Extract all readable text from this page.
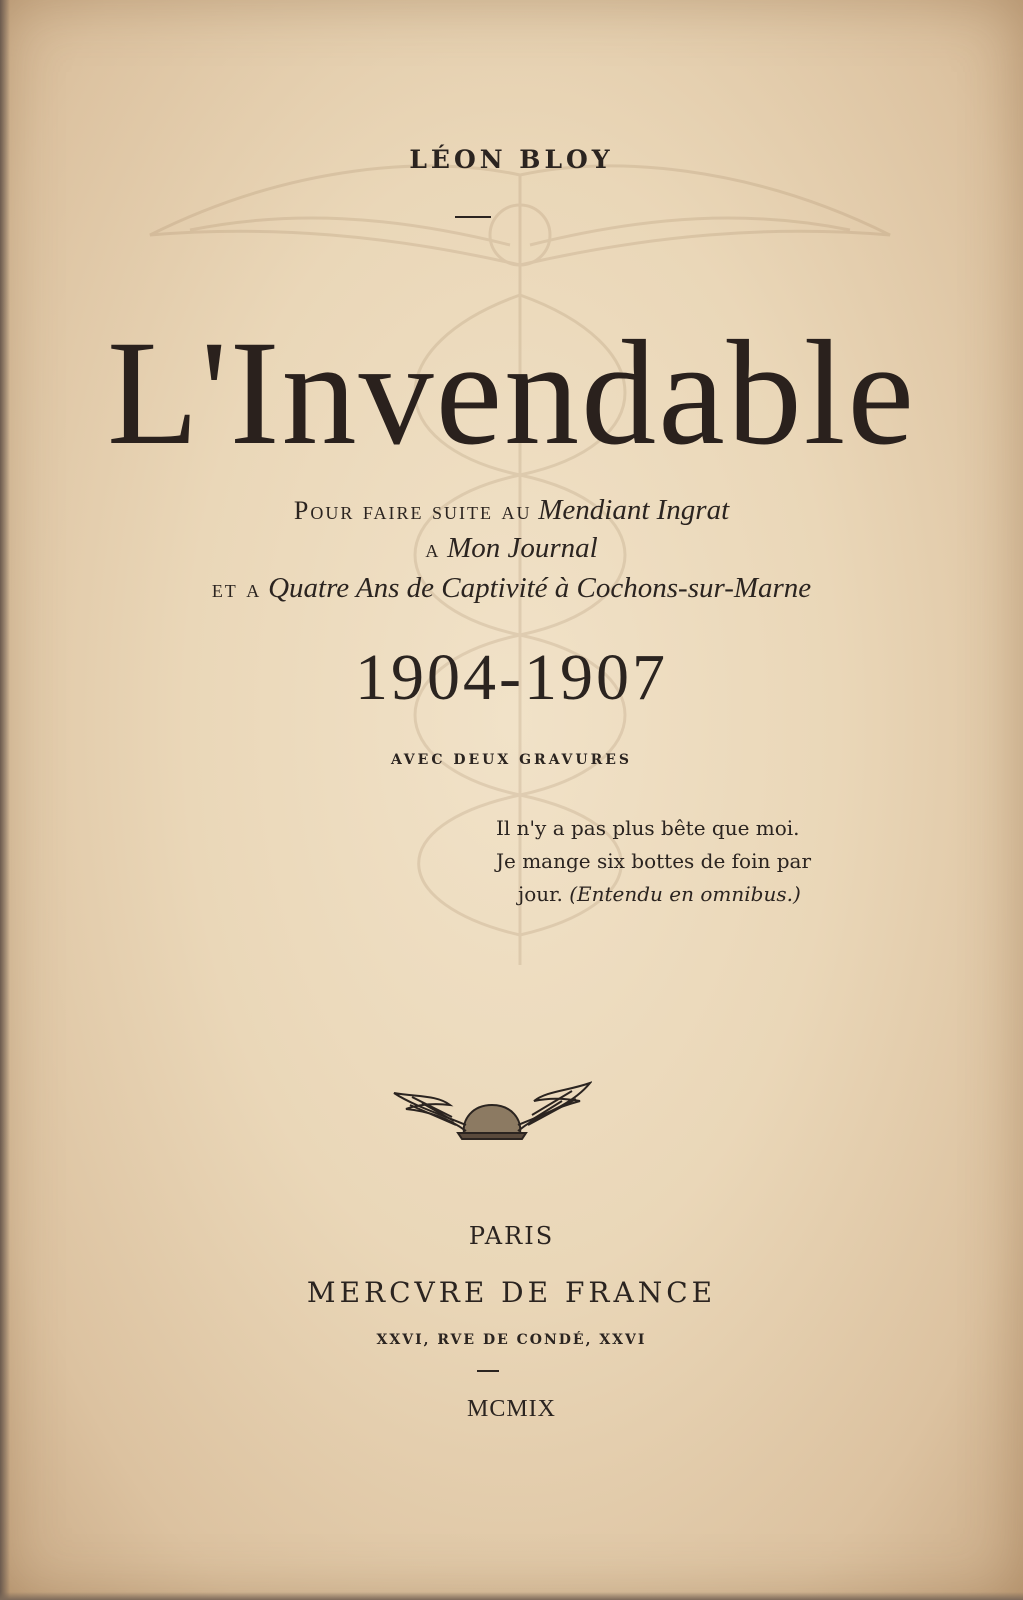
LÉON BLOY
L'Invendable
Pour faire suite au Mendiant Ingrat
a Mon Journal
et a Quatre Ans de Captivité à Cochons-sur-Marne
1904-1907
AVEC DEUX GRAVURES
Il n'y a pas plus bête que moi.
Je mange six bottes de foin par
jour. (Entendu en omnibus.)
PARIS
MERCVRE DE FRANCE
XXVI, RVE DE CONDÉ, XXVI
MCMIX
